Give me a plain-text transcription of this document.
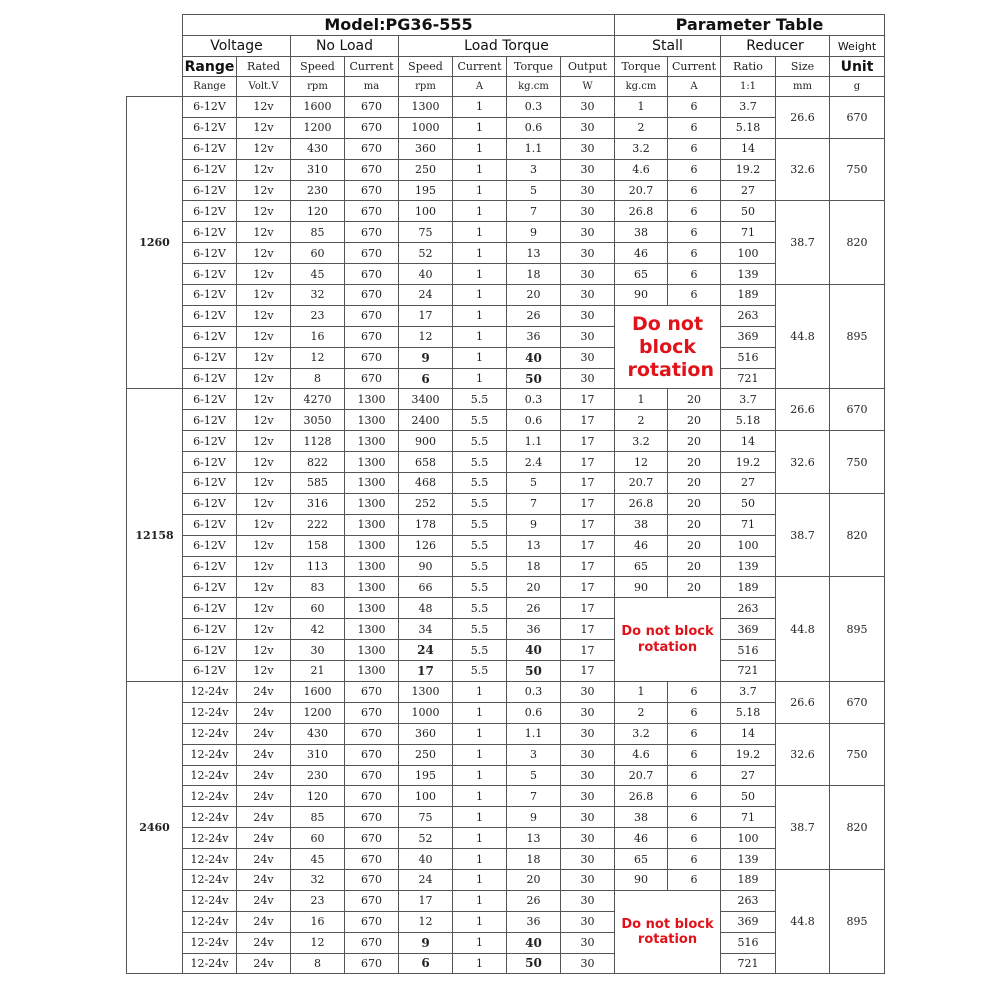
	Model:PG36-555								Parameter Table				
	Voltage		No Load		Load Torque				Stall		Reducer		Weight
	Range	Rated	Speed	Current	Speed	Current	Torque	Output	Torque	Current	Ratio	Size	Unit
	Range	Volt.V	rpm	ma	rpm	A	kg.cm	W	kg.cm	A	1:1	mm	g
1260	6-12V	12v	1600	670	1300	1	0.3	30	1	6	3.7	26.6	670
	6-12V	12v	1200	670	1000	1	0.6	30	2	6	5.18		
	6-12V	12v	430	670	360	1	1.1	30	3.2	6	14	32.6	750
	6-12V	12v	310	670	250	1	3	30	4.6	6	19.2		
	6-12V	12v	230	670	195	1	5	30	20.7	6	27		
	6-12V	12v	120	670	100	1	7	30	26.8	6	50	38.7	820
	6-12V	12v	85	670	75	1	9	30	38	6	71		
	6-12V	12v	60	670	52	1	13	30	46	6	100		
	6-12V	12v	45	670	40	1	18	30	65	6	139		
	6-12V	12v	32	670	24	1	20	30	90	6	189	44.8	895
	6-12V	12v	23	670	17	1	26	30	Do not block rotation		263		
	6-12V	12v	16	670	12	1	36	30			369		
	6-12V	12v	12	670	9	1	40	30			516		
	6-12V	12v	8	670	6	1	50	30			721		
12158	6-12V	12v	4270	1300	3400	5.5	0.3	17	1	20	3.7	26.6	670
	6-12V	12v	3050	1300	2400	5.5	0.6	17	2	20	5.18		
	6-12V	12v	1128	1300	900	5.5	1.1	17	3.2	20	14	32.6	750
	6-12V	12v	822	1300	658	5.5	2.4	17	12	20	19.2		
	6-12V	12v	585	1300	468	5.5	5	17	20.7	20	27		
	6-12V	12v	316	1300	252	5.5	7	17	26.8	20	50	38.7	820
	6-12V	12v	222	1300	178	5.5	9	17	38	20	71		
	6-12V	12v	158	1300	126	5.5	13	17	46	20	100		
	6-12V	12v	113	1300	90	5.5	18	17	65	20	139		
	6-12V	12v	83	1300	66	5.5	20	17	90	20	189	44.8	895
	6-12V	12v	60	1300	48	5.5	26	17	Do not block rotation		263		
	6-12V	12v	42	1300	34	5.5	36	17			369		
	6-12V	12v	30	1300	24	5.5	40	17			516		
	6-12V	12v	21	1300	17	5.5	50	17			721		
2460	12-24v	24v	1600	670	1300	1	0.3	30	1	6	3.7	26.6	670
	12-24v	24v	1200	670	1000	1	0.6	30	2	6	5.18		
	12-24v	24v	430	670	360	1	1.1	30	3.2	6	14	32.6	750
	12-24v	24v	310	670	250	1	3	30	4.6	6	19.2		
	12-24v	24v	230	670	195	1	5	30	20.7	6	27		
	12-24v	24v	120	670	100	1	7	30	26.8	6	50	38.7	820
	12-24v	24v	85	670	75	1	9	30	38	6	71		
	12-24v	24v	60	670	52	1	13	30	46	6	100		
	12-24v	24v	45	670	40	1	18	30	65	6	139		
	12-24v	24v	32	670	24	1	20	30	90	6	189	44.8	895
	12-24v	24v	23	670	17	1	26	30	Do not block rotation		263		
	12-24v	24v	16	670	12	1	36	30			369		
	12-24v	24v	12	670	9	1	40	30			516		
	12-24v	24v	8	670	6	1	50	30			721		
